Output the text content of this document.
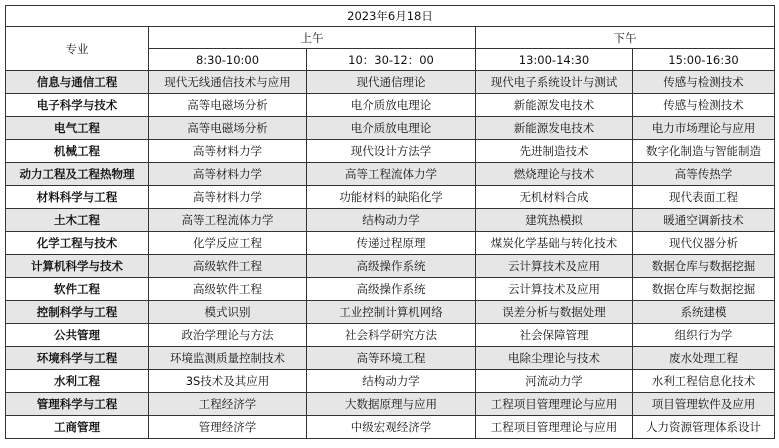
2023年6月18日				
专业	上午		下午	
	8:30-10:00	10：30-12：00	13:00-14:30	15:00-16:30
信息与通信工程	现代无线通信技术与应用	现代通信理论	现代电子系统设计与测试	传感与检测技术
电子科学与技术	高等电磁场分析	电介质放电理论	新能源发电技术	传感与检测技术
电气工程	高等电磁场分析	电介质放电理论	新能源发电技术	电力市场理论与应用
机械工程	高等材料力学	现代设计方法学	先进制造技术	数字化制造与智能制造
动力工程及工程热物理	高等材料力学	高等工程流体力学	燃烧理论与技术	高等传热学
材料科学与工程	高等材料力学	功能材料的缺陷化学	无机材料合成	现代表面工程
土木工程	高等工程流体力学	结构动力学	建筑热模拟	暖通空调新技术
化学工程与技术	化学反应工程	传递过程原理	煤炭化学基础与转化技术	现代仪器分析
计算机科学与技术	高级软件工程	高级操作系统	云计算技术及应用	数据仓库与数据挖掘
软件工程	高级软件工程	高级操作系统	云计算技术及应用	数据仓库与数据挖掘
控制科学与工程	模式识别	工业控制计算机网络	误差分析与数据处理	系统建模
公共管理	政治学理论与方法	社会科学研究方法	社会保障管理	组织行为学
环境科学与工程	环境监测质量控制技术	高等环境工程	电除尘理论与技术	废水处理工程
水利工程	3S技术及其应用	结构动力学	河流动力学	水利工程信息化技术
管理科学与工程	工程经济学	大数据原理与应用	工程项目管理理论与应用	项目管理软件及应用
工商管理	管理经济学	中级宏观经济学	工程项目管理理论与应用	人力资源管理体系设计
